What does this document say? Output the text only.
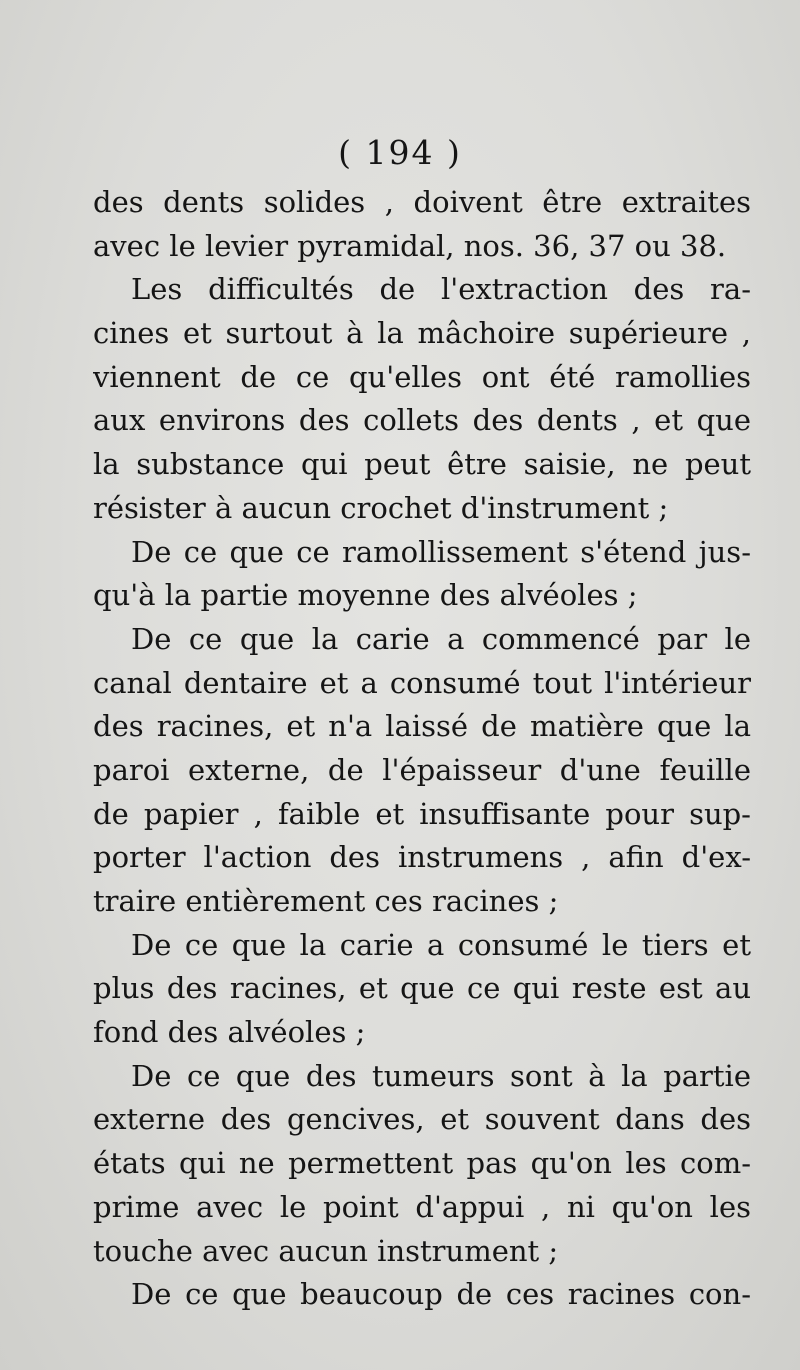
( 194 )
des dents solides , doivent être extraites
avec le levier pyramidal, nos. 36, 37 ou 38.
Les difficultés de l'extraction des ra-
cines et surtout à la mâchoire supérieure ,
viennent de ce qu'elles ont été ramollies
aux environs des collets des dents , et que
la substance qui peut être saisie, ne peut
résister à aucun crochet d'instrument ;
De ce que ce ramollissement s'étend jus-
qu'à la partie moyenne des alvéoles ;
De ce que la carie a commencé par le
canal dentaire et a consumé tout l'intérieur
des racines, et n'a laissé de matière que la
paroi externe, de l'épaisseur d'une feuille
de papier , faible et insuffisante pour sup-
porter l'action des instrumens , afin d'ex-
traire entièrement ces racines ;
De ce que la carie a consumé le tiers et
plus des racines, et que ce qui reste est au
fond des alvéoles ;
De ce que des tumeurs sont à la partie
externe des gencives, et souvent dans des
états qui ne permettent pas qu'on les com-
prime avec le point d'appui , ni qu'on les
touche avec aucun instrument ;
De ce que beaucoup de ces racines con-
